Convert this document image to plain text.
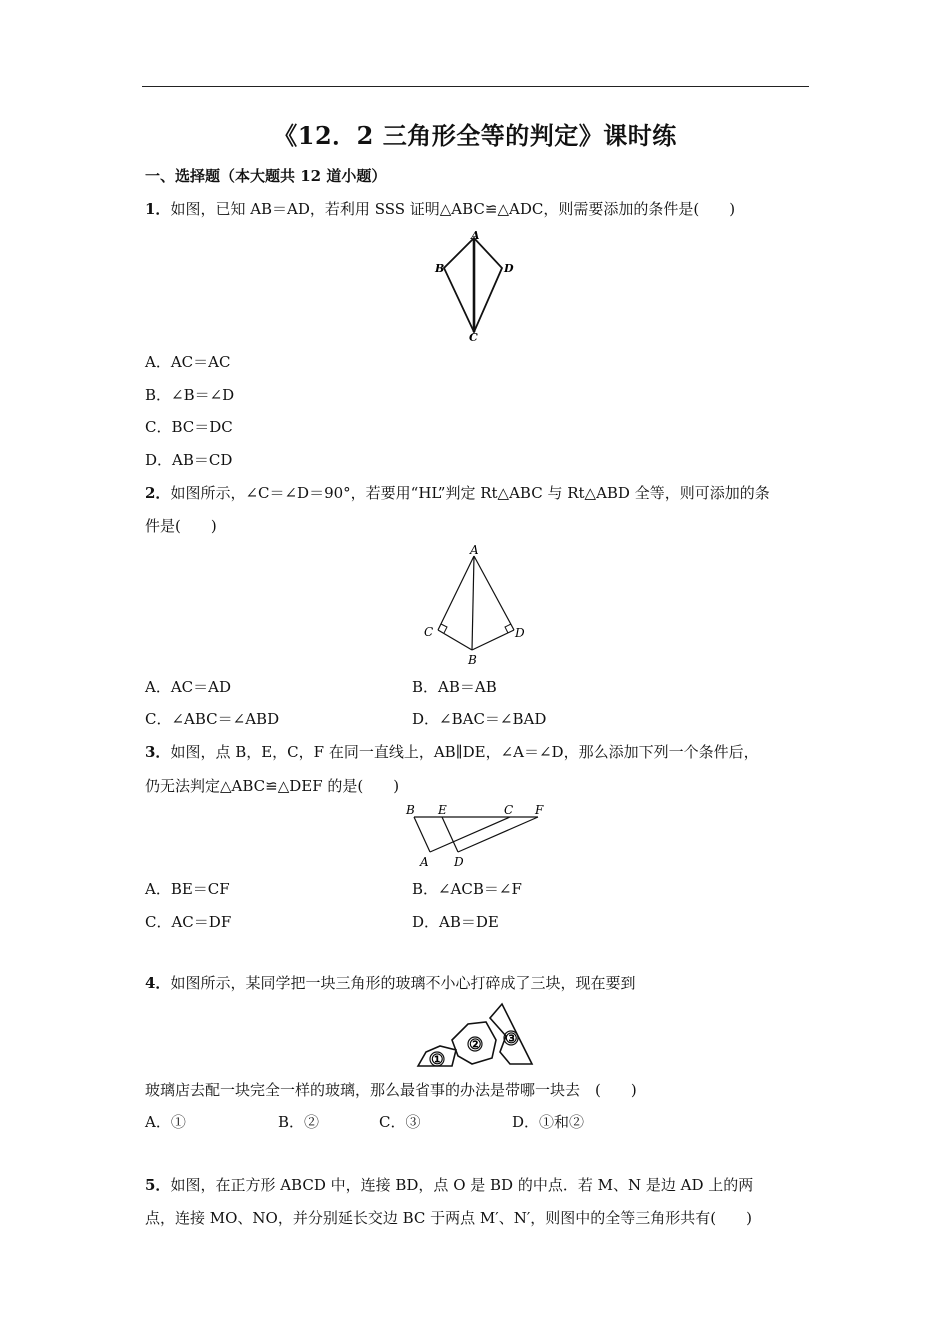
《12．2 三角形全等的判定》课时练
一、选择题（本大题共 12 道小题）
1．如图，已知 AB＝AD，若利用 SSS 证明△ABC≌△ADC，则需要添加的条件是(　　)
A
B	D
C
A．AC＝AC
B．∠B＝∠D
C．BC＝DC
D．AB＝CD
2．如图所示，∠C＝∠D＝90°，若要用“HL”判定 Rt△ABC 与 Rt△ABD 全等，则可添加的条
件是(　　)
A
C	D
B
A．AC＝AD	B．AB＝AB
C．∠ABC＝∠ABD	D．∠BAC＝∠BAD
3．如图，点 B，E，C，F 在同一直线上，AB∥DE，∠A＝∠D，那么添加下列一个条件后，
仍无法判定△ABC≌△DEF 的是(　　)
B E	C F
A D
A．BE＝CF	B．∠ACB＝∠F
C．AC＝DF	D．AB＝DE
4．如图所示，某同学把一块三角形的玻璃不小心打碎成了三块，现在要到
①
② ③
玻璃店去配一块完全一样的玻璃，那么最省事的办法是带哪一块去　(　　)
A．①	B．②	C．③	D．①和②
5．如图，在正方形 ABCD 中，连接 BD，点 O 是 BD 的中点．若 M、N 是边 AD 上的两
点，连接 MO、NO，并分别延长交边 BC 于两点 M′、N′，则图中的全等三角形共有(　　)
